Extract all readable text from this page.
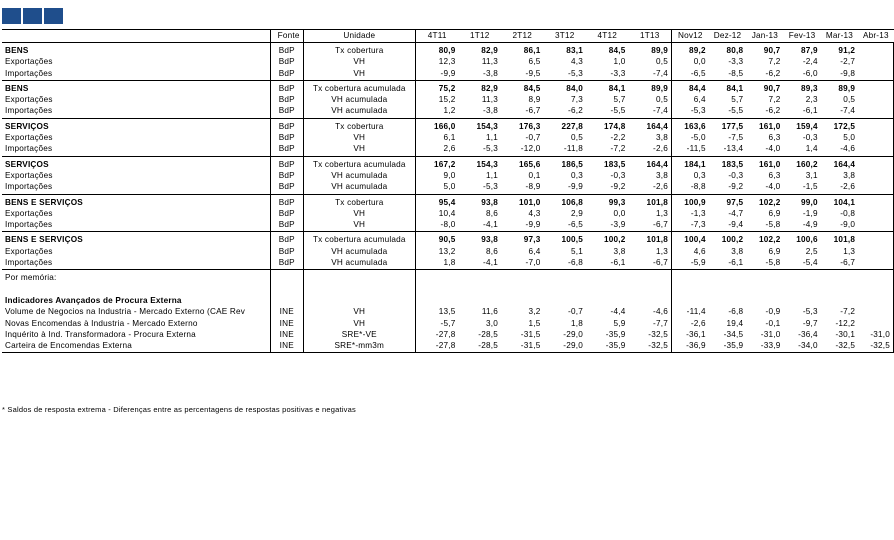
	Fonte	Unidade	4T11	1T12	2T12	3T12	4T12	1T13	Nov12	Dez-12	Jan-13	Fev-13	Mar-13	Abr-13
BENS	BdP	Tx cobertura	80,9	82,9	86,1	83,1	84,5	89,9	89,2	80,8	90,7	87,9	91,2	
Exportações	BdP	VH	12,3	11,3	6,5	4,3	1,0	0,5	0,0	-3,3	7,2	-2,4	-2,7	
Importações	BdP	VH	-9,9	-3,8	-9,5	-5,3	-3,3	-7,4	-6,5	-8,5	-6,2	-6,0	-9,8	
BENS	BdP	Tx cobertura acumulada	75,2	82,9	84,5	84,0	84,1	89,9	84,4	84,1	90,7	89,3	89,9	
Exportações	BdP	VH acumulada	15,2	11,3	8,9	7,3	5,7	0,5	6,4	5,7	7,2	2,3	0,5	
Importações	BdP	VH acumulada	1,2	-3,8	-6,7	-6,2	-5,5	-7,4	-5,3	-5,5	-6,2	-6,1	-7,4	
SERVIÇOS	BdP	Tx cobertura	166,0	154,3	176,3	227,8	174,8	164,4	163,6	177,5	161,0	159,4	172,5	
Exportações	BdP	VH	6,1	1,1	-0,7	0,5	-2,2	3,8	-5,0	-7,5	6,3	-0,3	5,0	
Importações	BdP	VH	2,6	-5,3	-12,0	-11,8	-7,2	-2,6	-11,5	-13,4	-4,0	1,4	-4,6	
SERVIÇOS	BdP	Tx cobertura acumulada	167,2	154,3	165,6	186,5	183,5	164,4	184,1	183,5	161,0	160,2	164,4	
Exportações	BdP	VH acumulada	9,0	1,1	0,1	0,3	-0,3	3,8	0,3	-0,3	6,3	3,1	3,8	
Importações	BdP	VH acumulada	5,0	-5,3	-8,9	-9,9	-9,2	-2,6	-8,8	-9,2	-4,0	-1,5	-2,6	
BENS E SERVIÇOS	BdP	Tx cobertura	95,4	93,8	101,0	106,8	99,3	101,8	100,9	97,5	102,2	99,0	104,1	
Exportações	BdP	VH	10,4	8,6	4,3	2,9	0,0	1,3	-1,3	-4,7	6,9	-1,9	-0,8	
Importações	BdP	VH	-8,0	-4,1	-9,9	-6,5	-3,9	-6,7	-7,3	-9,4	-5,8	-4,9	-9,0	
BENS E SERVIÇOS	BdP	Tx cobertura acumulada	90,5	93,8	97,3	100,5	100,2	101,8	100,4	100,2	102,2	100,6	101,8	
Exportações	BdP	VH acumulada	13,2	8,6	6,4	5,1	3,8	1,3	4,6	3,8	6,9	2,5	1,3	
Importações	BdP	VH acumulada	1,8	-4,1	-7,0	-6,8	-6,1	-6,7	-5,9	-6,1	-5,8	-5,4	-6,7	
Por memória:														

Indicadores Avançados de Procura Externa														
Volume de Negocios na Industria - Mercado Externo (CAE Rev	INE	VH	13,5	11,6	3,2	-0,7	-4,4	-4,6	-11,4	-6,8	-0,9	-5,3	-7,2	
Novas Encomendas à Industria - Mercado Externo	INE	VH	-5,7	3,0	1,5	1,8	5,9	-7,7	-2,6	19,4	-0,1	-9,7	-12,2	
Inquérito à Ind. Transformadora - Procura Externa	INE	SRE*-VE	-27,8	-28,5	-31,5	-29,0	-35,9	-32,5	-36,1	-34,5	-31,0	-36,4	-30,1	-31,0
Carteira de Encomendas Externa	INE	SRE*-mm3m	-27,8	-28,5	-31,5	-29,0	-35,9	-32,5	-36,9	-35,9	-33,9	-34,0	-32,5	-32,5
* Saldos de resposta extrema - Diferenças entre as percentagens de respostas positivas e negativas
